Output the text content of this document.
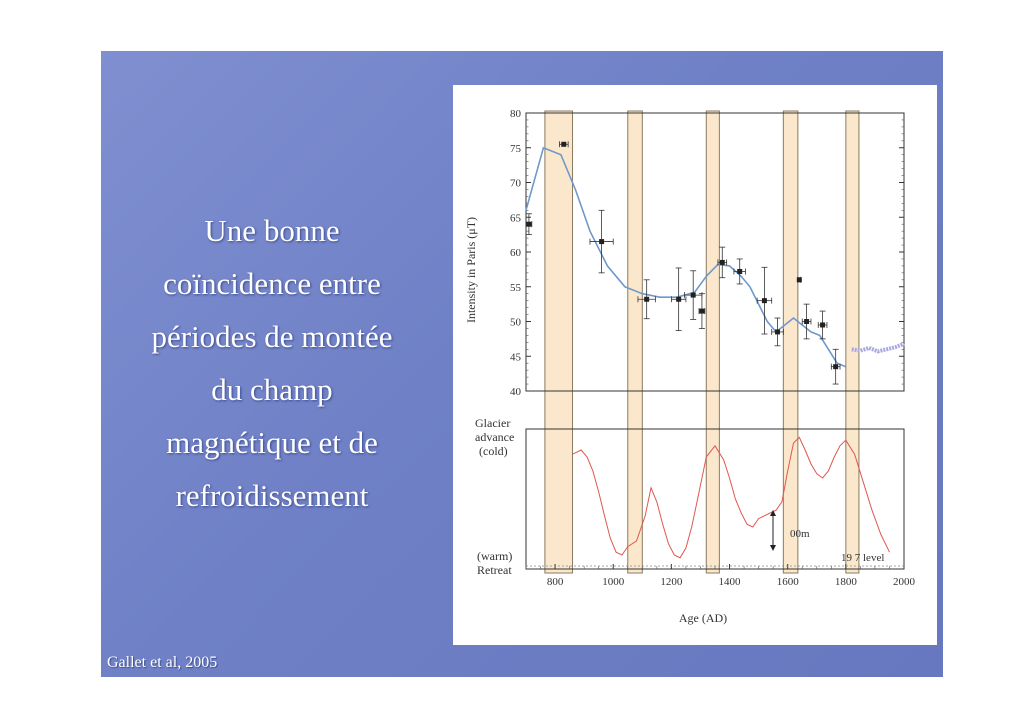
Une bonne
coïncidence entre
périodes de montée
du champ
magnétique et de
refroidissement
Gallet et al, 2005
40
45
50
55
60
65
70
75
80
800	1000	1200	1400	1600	1800	2000
Intensity in Paris (μT)
Glacier
advance
(cold)
(warm)
Retreat
00m
19 7 level
Age (AD)
